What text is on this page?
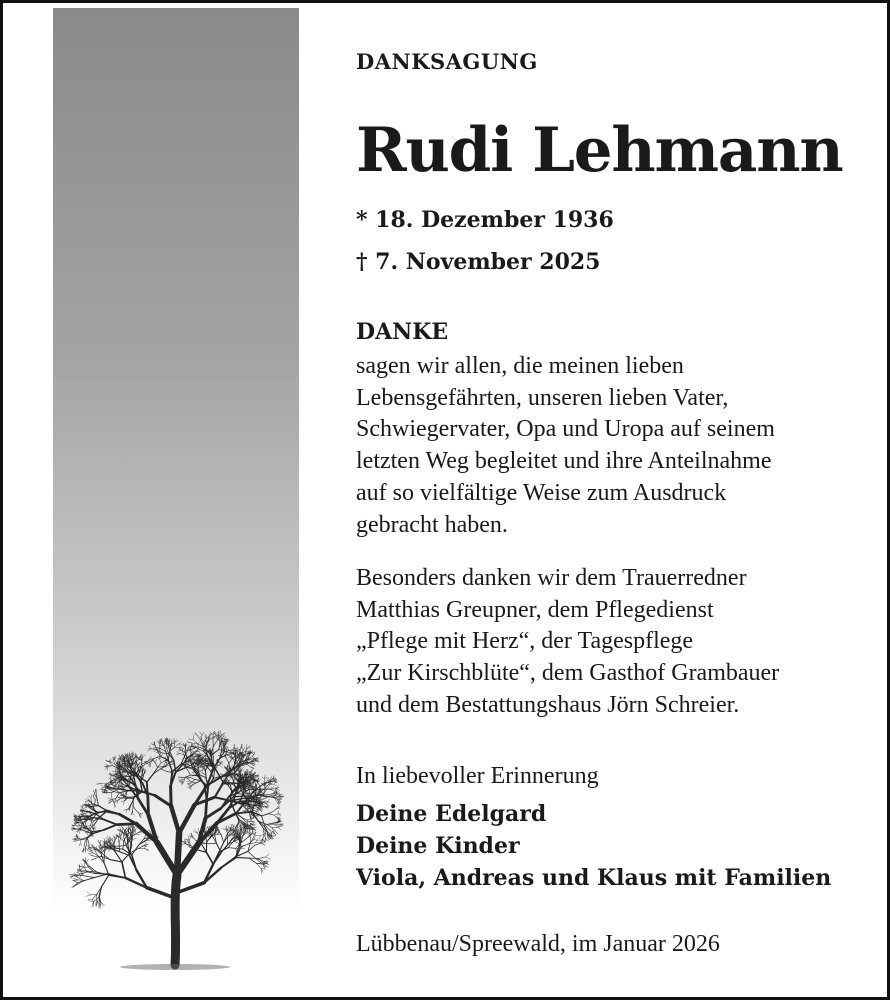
DANKSAGUNG
Rudi Lehmann
* 18. Dezember 1936
† 7. November 2025
DANKE
sagen wir allen, die meinen lieben
Lebensgefährten, unseren lieben Vater,
Schwiegervater, Opa und Uropa auf seinem
letzten Weg begleitet und ihre Anteilnahme
auf so vielfältige Weise zum Ausdruck
gebracht haben.
Besonders danken wir dem Trauerredner
Matthias Greupner, dem Pflegedienst
„Pflege mit Herz“, der Tagespflege
„Zur Kirschblüte“, dem Gasthof Grambauer
und dem Bestattungshaus Jörn Schreier.
In liebevoller Erinnerung
Deine Edelgard
Deine Kinder
Viola, Andreas und Klaus mit Familien
Lübbenau/Spreewald, im Januar 2026
